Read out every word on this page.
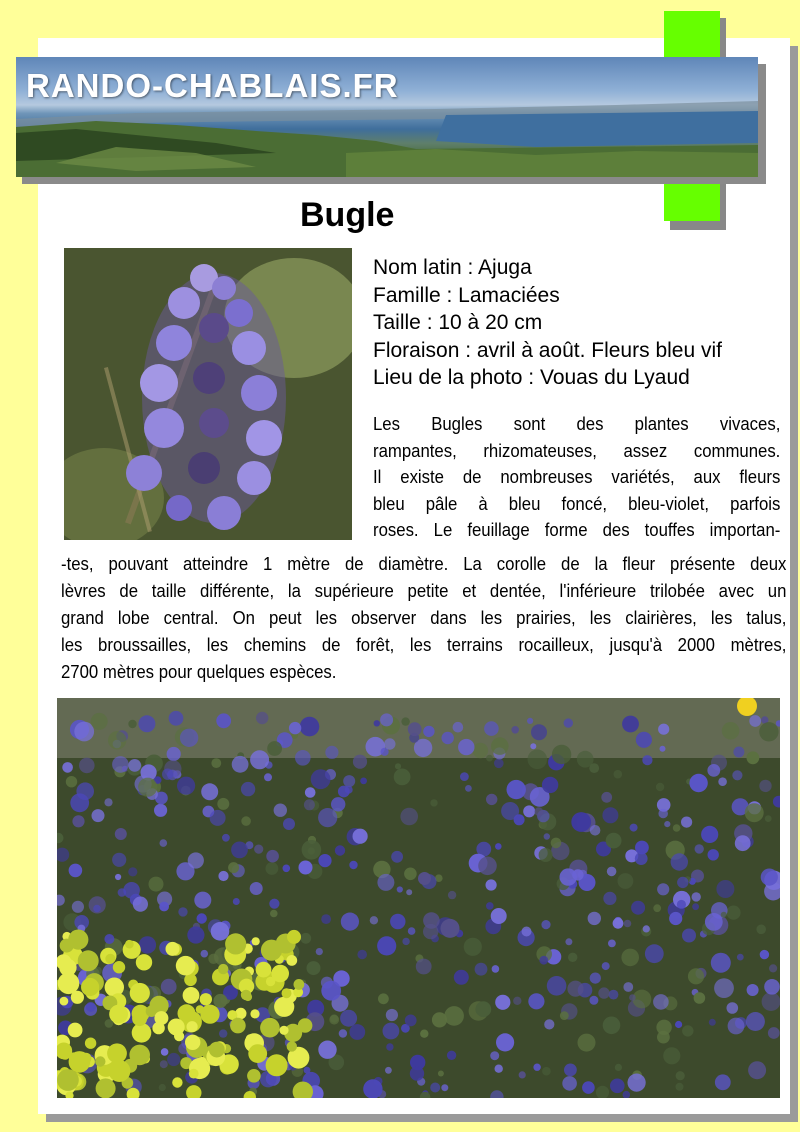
RANDO-CHABLAIS.FR
Bugle
Nom latin : Ajuga
Famille : Lamaciées
Taille : 10 à 20 cm
Floraison : avril à août. Fleurs bleu vif
Lieu de la photo : Vouas du Lyaud
Les Bugles sont des plantes vivaces,
rampantes, rhizomateuses, assez communes.
Il existe de nombreuses variétés, aux fleurs
bleu pâle à bleu foncé, bleu-violet, parfois
roses. Le feuillage forme des touffes importan-
-tes, pouvant atteindre 1 mètre de diamètre. La corolle de la fleur présente deux
lèvres de taille différente, la supérieure petite et dentée, l'inférieure trilobée avec un
grand lobe central. On peut les observer dans les prairies, les clairières, les talus,
les broussailles, les chemins de forêt, les terrains rocailleux, jusqu'à 2000 mètres,
2700 mètres pour quelques espèces.
